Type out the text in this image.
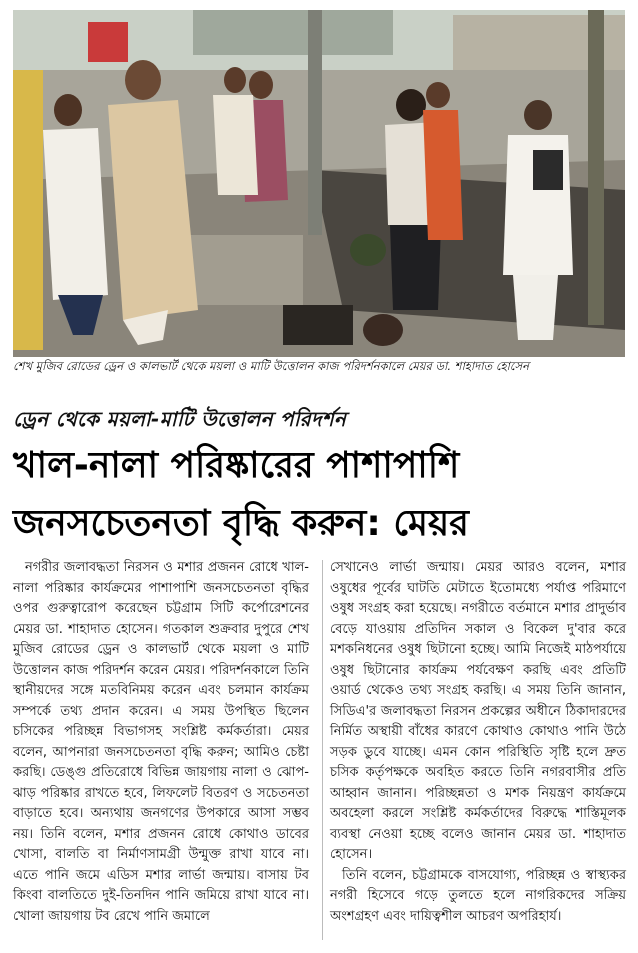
শেখ মুজিব রোডের ড্রেন ও কালভার্ট থেকে ময়লা ও মাটি উত্তোলন কাজ পরিদর্শনকালে মেয়র ডা. শাহাদাত হোসেন
ড্রেন থেকে ময়লা-মাটি উত্তোলন পরিদর্শন
খাল-নালা পরিষ্কারের পাশাপাশি
জনসচেতনতা বৃদ্ধি করুন: মেয়র

নগরীর জলাবদ্ধতা নিরসন ও মশার প্রজনন রোধে খাল-নালা পরিষ্কার কার্যক্রমের পাশাপাশি জনসচেতনতা বৃদ্ধির ওপর গুরুত্বারোপ করেছেন চট্টগ্রাম সিটি কর্পোরেশনের মেয়র ডা. শাহাদাত হোসেন। গতকাল শুক্রবার দুপুরে শেখ মুজিব রোডের ড্রেন ও কালভার্ট থেকে ময়লা ও মাটি উত্তোলন কাজ পরিদর্শন করেন মেয়র। পরিদর্শনকালে তিনি স্থানীয়দের সঙ্গে মতবিনিময় করেন এবং চলমান কার্যক্রম সম্পর্কে তথ্য প্রদান করেন। এ সময় উপস্থিত ছিলেন চসিকের পরিচ্ছন্ন বিভাগসহ সংশ্লিষ্ট কর্মকর্তারা। মেয়র বলেন, আপনারা জনসচেতনতা বৃদ্ধি করুন; আমিও চেষ্টা করছি। ডেঙ্গু প্রতিরোধে বিভিন্ন জায়গায় নালা ও ঝোপ-ঝাড় পরিষ্কার রাখতে হবে, লিফলেট বিতরণ ও সচেতনতা বাড়াতে হবে। অন্যথায় জনগণের উপকারে আসা সম্ভব নয়। তিনি বলেন, মশার প্রজনন রোধে কোথাও ডাবের খোসা, বালতি বা নির্মাণসামগ্রী উন্মুক্ত রাখা যাবে না। এতে পানি জমে এডিস মশার লার্ভা জন্মায়। বাসায় টব কিংবা বালতিতে দুই-তিনদিন পানি জমিয়ে রাখা যাবে না। খোলা জায়গায় টব রেখে পানি জমালে

সেখানেও লার্ভা জন্মায়। মেয়র আরও বলেন, মশার ওষুধের পূর্বের ঘাটতি মেটাতে ইতোমধ্যে পর্যাপ্ত পরিমাণে ওষুধ সংগ্রহ করা হয়েছে। নগরীতে বর্তমানে মশার প্রাদুর্ভাব বেড়ে যাওয়ায় প্রতিদিন সকাল ও বিকেল দু'বার করে মশকনিধনের ওষুধ ছিটানো হচ্ছে। আমি নিজেই মাঠপর্যায়ে ওষুধ ছিটানোর কার্যক্রম পর্যবেক্ষণ করছি এবং প্রতিটি ওয়ার্ড থেকেও তথ্য সংগ্রহ করছি। এ সময় তিনি জানান, সিডিএ'র জলাবদ্ধতা নিরসন প্রকল্পের অধীনে ঠিকাদারদের নির্মিত অস্থায়ী বাঁধের কারণে কোথাও কোথাও পানি উঠে সড়ক ডুবে যাচ্ছে। এমন কোন পরিস্থিতি সৃষ্টি হলে দ্রুত চসিক কর্তৃপক্ষকে অবহিত করতে তিনি নগরবাসীর প্রতি আহ্বান জানান। পরিচ্ছন্নতা ও মশক নিয়ন্ত্রণ কার্যক্রমে অবহেলা করলে সংশ্লিষ্ট কর্মকর্তাদের বিরুদ্ধে শাস্তিমূলক ব্যবস্থা নেওয়া হচ্ছে বলেও জানান মেয়র ডা. শাহাদাত হোসেন।

তিনি বলেন, চট্টগ্রামকে বাসযোগ্য, পরিচ্ছন্ন ও স্বাস্থ্যকর নগরী হিসেবে গড়ে তুলতে হলে নাগরিকদের সক্রিয় অংশগ্রহণ এবং দায়িত্বশীল আচরণ অপরিহার্য।
